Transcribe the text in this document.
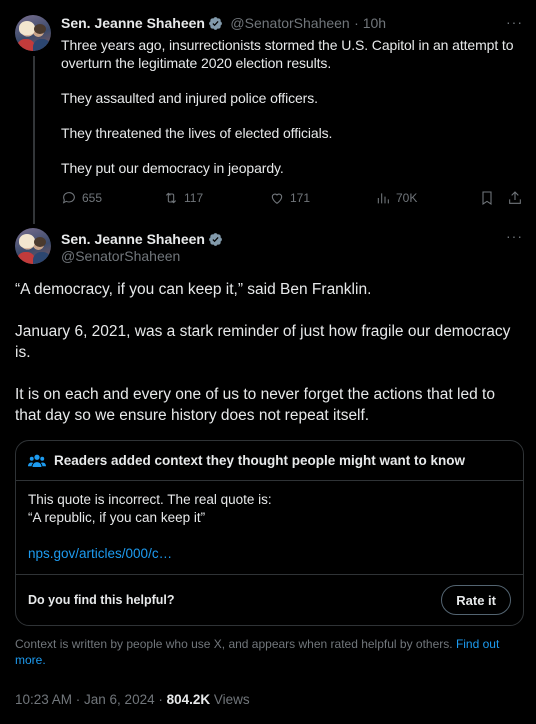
Sen. Jeanne Shaheen @SenatorShaheen · 10h	···

Three years ago, insurrectionists stormed the U.S. Capitol in an attempt to overturn the legitimate 2020 election results.

They assaulted and injured police officers.

They threatened the lives of elected officials.

They put our democracy in jeopardy.

655	117	171	70K
Sen. Jeanne Shaheen
@SenatorShaheen
···

“A democracy, if you can keep it,” said Ben Franklin.

January 6, 2021, was a stark reminder of just how fragile our democracy is.

It is on each and every one of us to never forget the actions that led to that day so we ensure history does not repeat itself.

Readers added context they thought people might want to know
This quote is incorrect. The real quote is:
“A republic, if you can keep it”
nps.gov/articles/000/c…
Do you find this helpful?	Rate it
Context is written by people who use X, and appears when rated helpful by others. Find out more.
10:23 AM · Jan 6, 2024 · 804.2K Views
